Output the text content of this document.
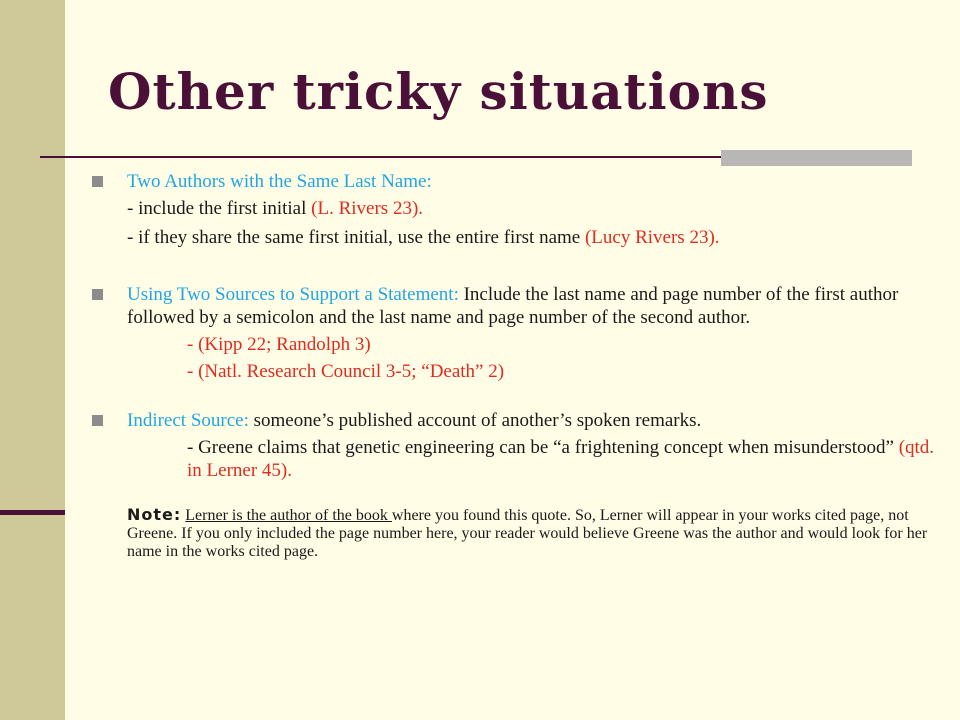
Other tricky situations

Two Authors with the Same Last Name:

- include the first initial (L. Rivers 23).

- if they share the same first initial, use the entire first name (Lucy Rivers 23).

Using Two Sources to Support a Statement: Include the last name and page number of the first author followed by a semicolon and the last name and page number of the second author.

- (Kipp 22; Randolph 3)

- (Natl. Research Council 3-5; “Death” 2)

Indirect Source: someone’s published account of another’s spoken remarks.

- Greene claims that genetic engineering can be “a frightening concept when misunderstood” (qtd. in Lerner 45).

Note: Lerner is the author of the book where you found this quote. So, Lerner will appear in your works cited page, not Greene. If you only included the page number here, your reader would believe Greene was the author and would look for her name in the works cited page.
